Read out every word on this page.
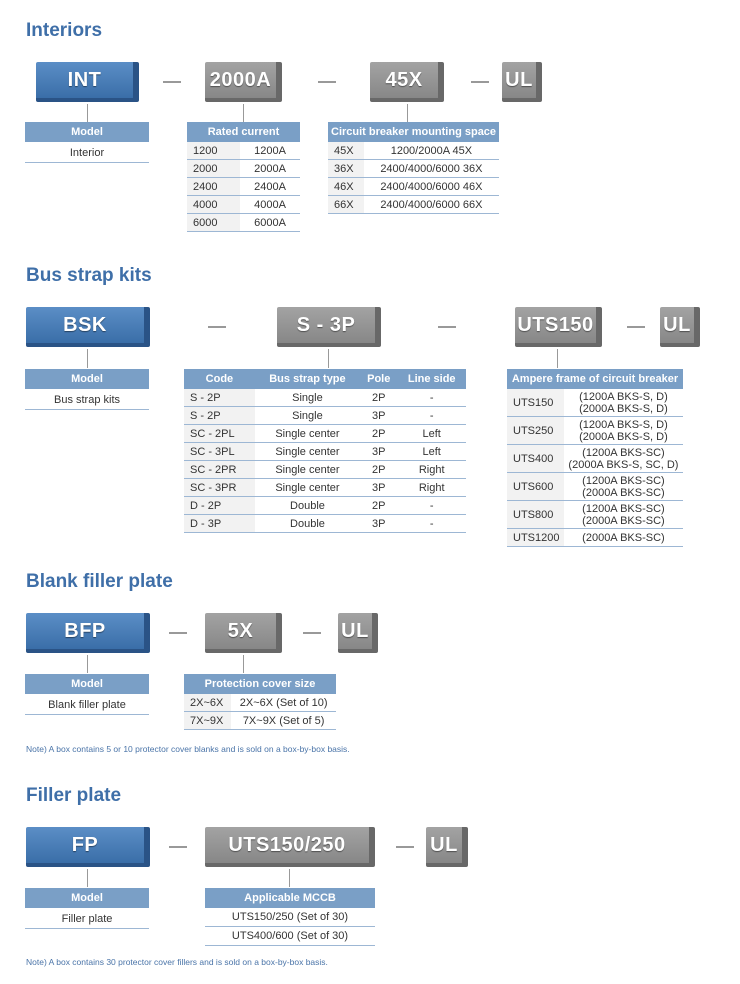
Interiors
INT	2000A	45X	UL
Model
Interior
Rated current	
1200	1200A
2000	2000A
2400	2400A
4000	4000A
6000	6000A
Circuit breaker mounting space	
45X	1200/2000A 45X
36X	2400/4000/6000 36X
46X	2400/4000/6000 46X
66X	2400/4000/6000 66X
Bus strap kits
BSK	S - 3P	UTS150	UL
Model
Bus strap kits
Code	Bus strap type	Pole	Line side
S - 2P	Single	2P	-
S - 2P	Single	3P	-
SC - 2PL	Single center	2P	Left
SC - 3PL	Single center	3P	Left
SC - 2PR	Single center	2P	Right
SC - 3PR	Single center	3P	Right
D - 2P	Double	2P	-
D - 3P	Double	3P	-
Ampere frame of circuit breaker	
UTS150	(1200A BKS-S, D)
(2000A BKS-S, D)
UTS250	(1200A BKS-S, D)
(2000A BKS-S, D)
UTS400	(1200A BKS-SC)
(2000A BKS-S, SC, D)
UTS600	(1200A BKS-SC)
(2000A BKS-SC)
UTS800	(1200A BKS-SC)
(2000A BKS-SC)
UTS1200	(2000A BKS-SC)
Blank filler plate
BFP	5X	UL
Model
Blank filler plate
Protection cover size	
2X~6X	2X~6X (Set of 10)
7X~9X	7X~9X (Set of 5)
Note) A box contains 5 or 10 protector cover blanks and is sold on a box-by-box basis.
Filler plate
FP	UTS150/250	UL
Model
Filler plate
Applicable MCCB
UTS150/250 (Set of 30)
UTS400/600 (Set of 30)
Note) A box contains 30 protector cover fillers and is sold on a box-by-box basis.
